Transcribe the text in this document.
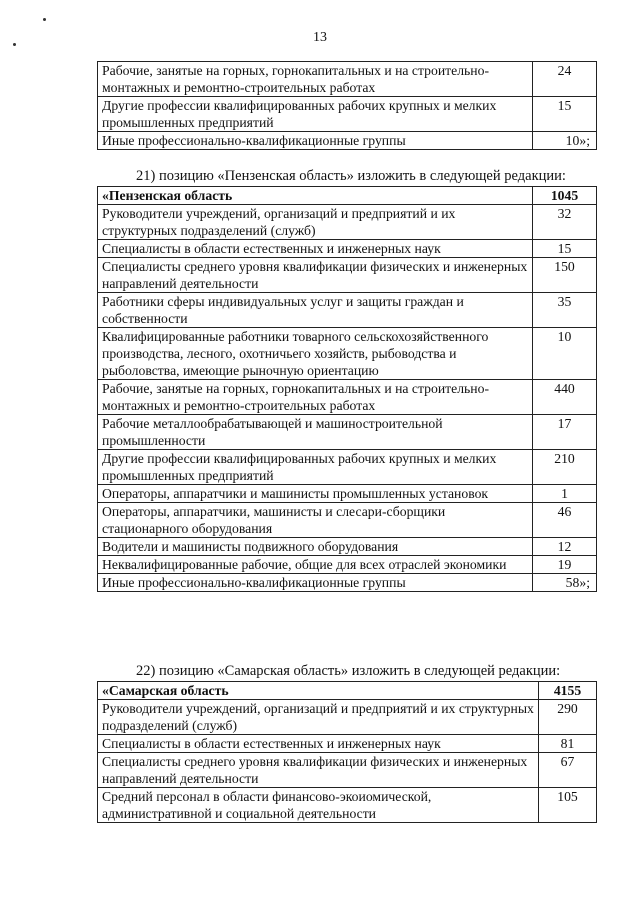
13
Рабочие, занятые на горных, горнокапитальных и на строительно-монтажных и ремонтно-строительных работах	24
Другие профессии квалифицированных рабочих крупных и мелких промышленных предприятий	15
Иные профессионально-квалификационные группы	10»;
21) позицию «Пензенская область» изложить в следующей редакции:
«Пензенская область	1045
Руководители учреждений, организаций и предприятий и их структурных подразделений (служб)	32
Специалисты в области естественных и инженерных наук	15
Специалисты среднего уровня квалификации физических и инженерных направлений деятельности	150
Работники сферы индивидуальных услуг и защиты граждан и собственности	35
Квалифицированные работники товарного сельскохозяйственного производства, лесного, охотничьего хозяйств, рыбоводства и рыболовства, имеющие рыночную ориентацию	10
Рабочие, занятые на горных, горнокапитальных и на строительно-монтажных и ремонтно-строительных работах	440
Рабочие металлообрабатывающей и машиностроительной промышленности	17
Другие профессии квалифицированных рабочих крупных и мелких промышленных предприятий	210
Операторы, аппаратчики и машинисты промышленных установок	1
Операторы, аппаратчики, машинисты и слесари-сборщики стационарного оборудования	46
Водители и машинисты подвижного оборудования	12
Неквалифицированные рабочие, общие для всех отраслей экономики	19
Иные профессионально-квалификационные группы	58»;
22) позицию «Самарская область» изложить в следующей редакции:
«Самарская область	4155
Руководители учреждений, организаций и предприятий и их структурных подразделений (служб)	290
Специалисты в области естественных и инженерных наук	81
Специалисты среднего уровня квалификации физических и инженерных направлений деятельности	67
Средний персонал в области финансово-экоиомической, административной и социальной деятельности	105
